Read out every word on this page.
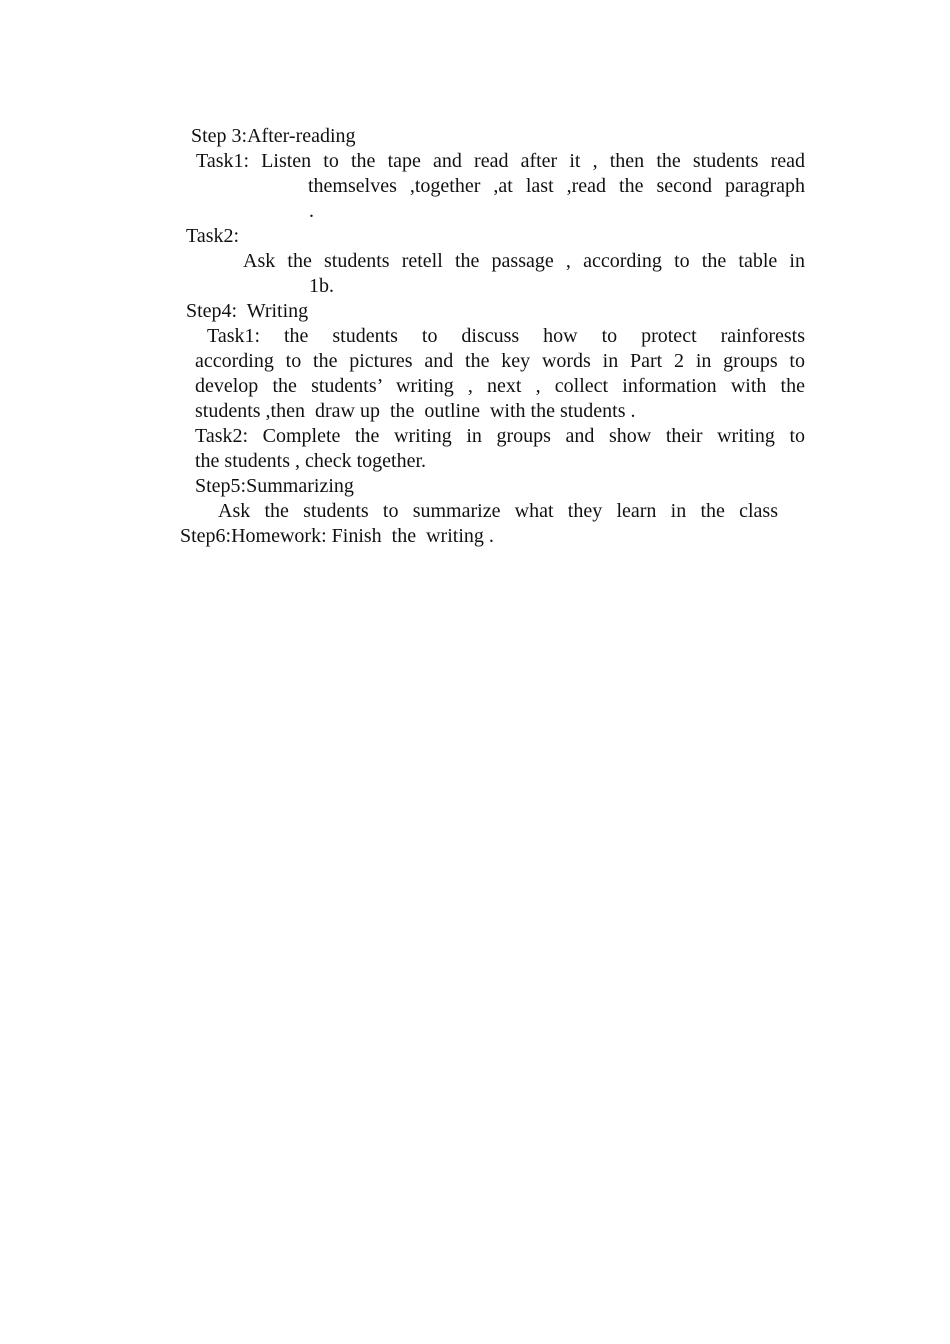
Step 3:After-reading
Task1: Listen to the tape and read after it , then the students read
themselves ,together ,at last ,read the second paragraph
.
Task2:
Ask the students retell the passage , according to the table in
1b.
Step4:  Writing
Task1: the students to discuss how to protect rainforests
according to the pictures and the key words in Part 2 in groups to
develop the students’ writing , next , collect information with the
students ,then  draw up  the  outline  with the students .
Task2: Complete the writing in groups and show their writing to
the students , check together.
Step5:Summarizing
Ask the students to summarize what they learn in the class
Step6:Homework: Finish  the  writing .
